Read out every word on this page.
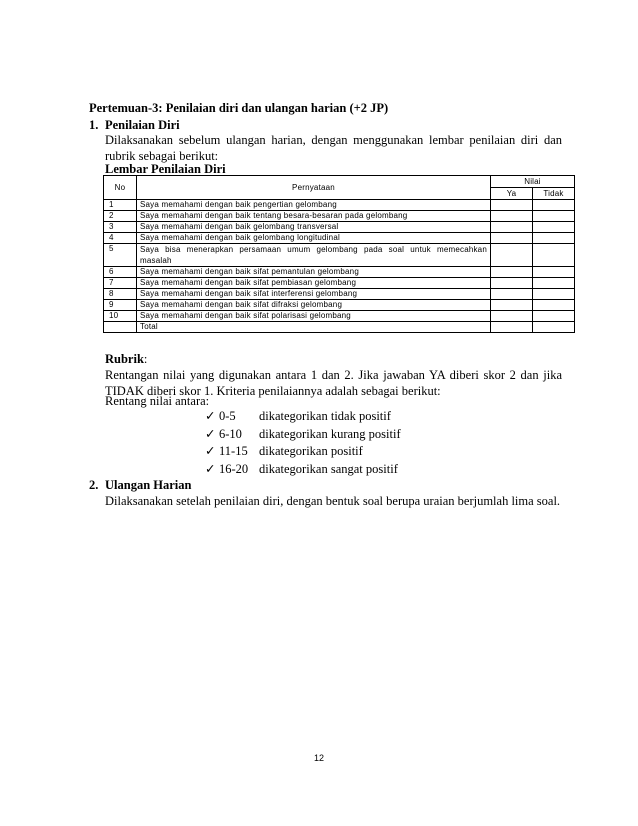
Pertemuan-3: Penilaian diri dan ulangan harian (+2 JP)
1. Penilaian Diri
Dilaksanakan sebelum ulangan harian, dengan menggunakan lembar penilaian diri dan rubrik sebagai berikut:
Lembar Penilaian Diri
No	Pernyataan	Nilai	
		Ya	Tidak
1	Saya memahami dengan baik pengertian gelombang		
2	Saya memahami dengan baik tentang besara-besaran pada gelombang		
3	Saya memahami dengan baik gelombang transversal		
4	Saya memahami dengan baik gelombang longitudinal		
5	Saya bisa menerapkan persamaan umum gelombang pada soal untuk memecahkan masalah		
6	Saya memahami dengan baik sifat pemantulan gelombang		
7	Saya memahami dengan baik sifat pembiasan gelombang		
8	Saya memahami dengan baik sifat interferensi gelombang		
9	Saya memahami dengan baik sifat difraksi gelombang		
10	Saya memahami dengan baik sifat polarisasi gelombang		
	Total		
Rubrik:
Rentangan nilai yang digunakan antara 1 dan 2. Jika jawaban YA diberi skor 2 dan jika TIDAK diberi skor 1. Kriteria penilaiannya adalah sebagai berikut:
Rentang nilai antara:
✓ 0-5 dikategorikan tidak positif
✓ 6-10 dikategorikan kurang positif
✓ 11-15 dikategorikan positif
✓ 16-20 dikategorikan sangat positif
2. Ulangan Harian
Dilaksanakan setelah penilaian diri, dengan bentuk soal berupa uraian berjumlah lima soal.
12
